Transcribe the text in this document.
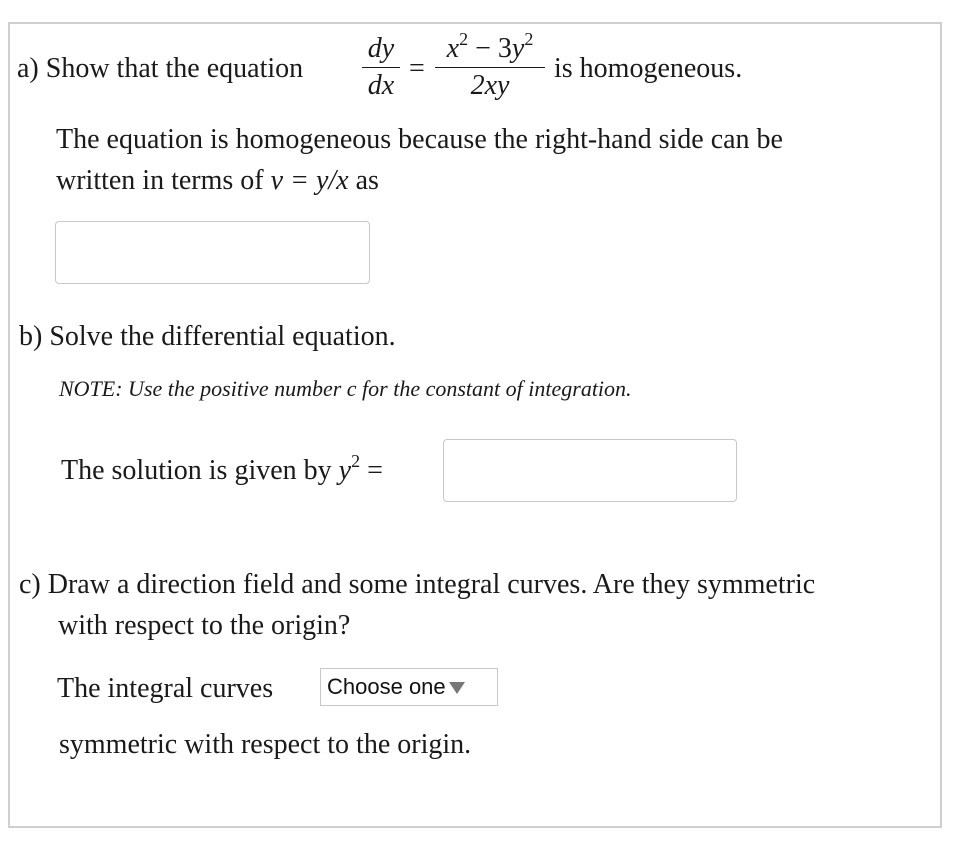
a) Show that the equation
dy
dx
=
$x^2 - 3y^2$
2xy
is homogeneous.
The equation is homogeneous because the right-hand side can be
written in terms of v = y/x as
b) Solve the differential equation.
NOTE: Use the positive number c for the constant of integration.
The solution is given by $y^2$ =
c) Draw a direction field and some integral curves. Are they symmetric
with respect to the origin?
The integral curves Choose one
symmetric with respect to the origin.
